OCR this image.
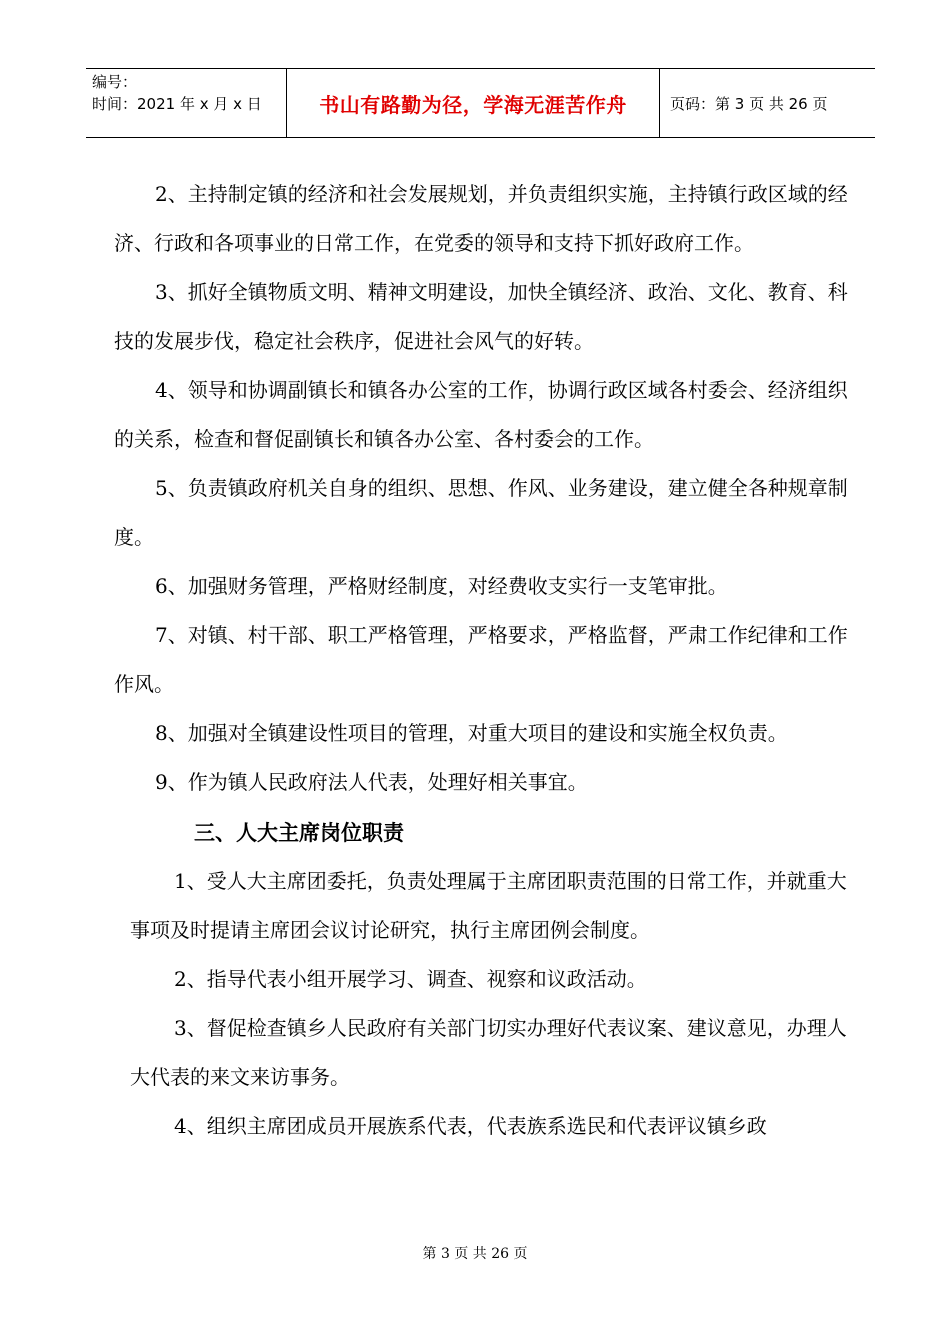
编号：
时间：2021 年 x 月 x 日	书山有路勤为径，学海无涯苦作舟	页码：第 3 页 共 26 页

2、主持制定镇的经济和社会发展规划，并负责组织实施，主持镇行政区域的经济、行政和各项事业的日常工作，在党委的领导和支持下抓好政府工作。

3、抓好全镇物质文明、精神文明建设，加快全镇经济、政治、文化、教育、科技的发展步伐，稳定社会秩序，促进社会风气的好转。

4、领导和协调副镇长和镇各办公室的工作，协调行政区域各村委会、经济组织的关系，检查和督促副镇长和镇各办公室、各村委会的工作。

5、负责镇政府机关自身的组织、思想、作风、业务建设，建立健全各种规章制度。

6、加强财务管理，严格财经制度，对经费收支实行一支笔审批。

7、对镇、村干部、职工严格管理，严格要求，严格监督，严肃工作纪律和工作作风。

8、加强对全镇建设性项目的管理，对重大项目的建设和实施全权负责。

9、作为镇人民政府法人代表，处理好相关事宜。

三、人大主席岗位职责

1、受人大主席团委托，负责处理属于主席团职责范围的日常工作，并就重大事项及时提请主席团会议讨论研究，执行主席团例会制度。

2、指导代表小组开展学习、调查、视察和议政活动。

3、督促检查镇乡人民政府有关部门切实办理好代表议案、建议意见，办理人大代表的来文来访事务。

4、组织主席团成员开展族系代表，代表族系选民和代表评议镇乡政

第 3 页 共 26 页
